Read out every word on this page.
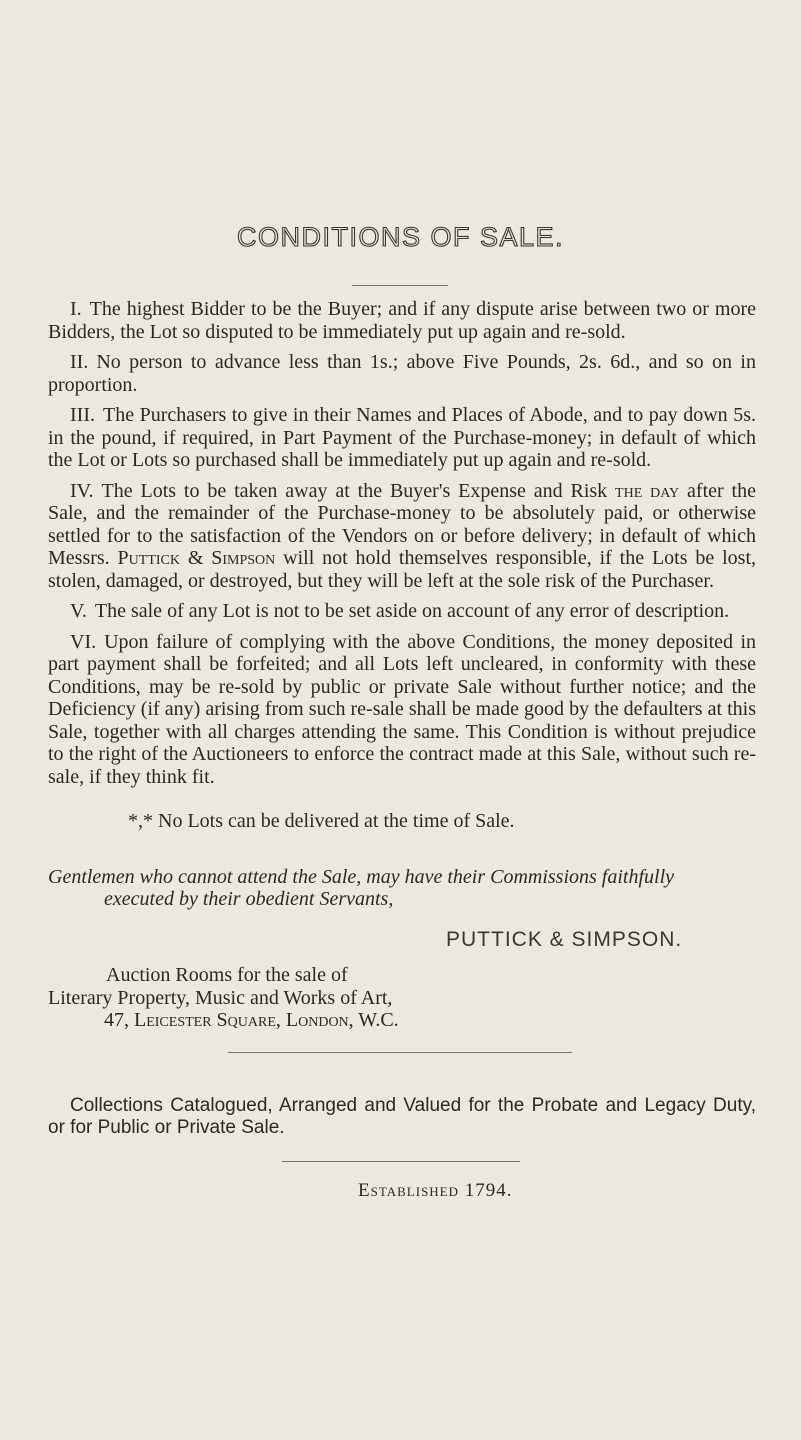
CONDITIONS OF SALE.

I. The highest Bidder to be the Buyer; and if any dispute arise between two or more Bidders, the Lot so disputed to be immediately put up again and re-sold.

II. No person to advance less than 1s.; above Five Pounds, 2s. 6d., and so on in proportion.

III. The Purchasers to give in their Names and Places of Abode, and to pay down 5s. in the pound, if required, in Part Payment of the Purchase-money; in default of which the Lot or Lots so purchased shall be immediately put up again and re-sold.

IV. The Lots to be taken away at the Buyer's Expense and Risk the day after the Sale, and the remainder of the Purchase-money to be absolutely paid, or otherwise settled for to the satisfaction of the Vendors on or before delivery; in default of which Messrs. Puttick & Simpson will not hold themselves responsible, if the Lots be lost, stolen, damaged, or destroyed, but they will be left at the sole risk of the Purchaser.

V. The sale of any Lot is not to be set aside on account of any error of description.

VI. Upon failure of complying with the above Conditions, the money deposited in part payment shall be forfeited; and all Lots left uncleared, in conformity with these Conditions, may be re-sold by public or private Sale without further notice; and the Deficiency (if any) arising from such re-sale shall be made good by the defaulters at this Sale, together with all charges attending the same. This Condition is without prejudice to the right of the Auctioneers to enforce the contract made at this Sale, without such re-sale, if they think fit.

*,* No Lots can be delivered at the time of Sale.

Gentlemen who cannot attend the Sale, may have their Commissions faithfully
executed by their obedient Servants,
PUTTICK & SIMPSON.
Auction Rooms for the sale of
Literary Property, Music and Works of Art,
47, Leicester Square, London, W.C.
Collections Catalogued, Arranged and Valued for the Probate and Legacy Duty, or for Public or Private Sale.
Established 1794.
